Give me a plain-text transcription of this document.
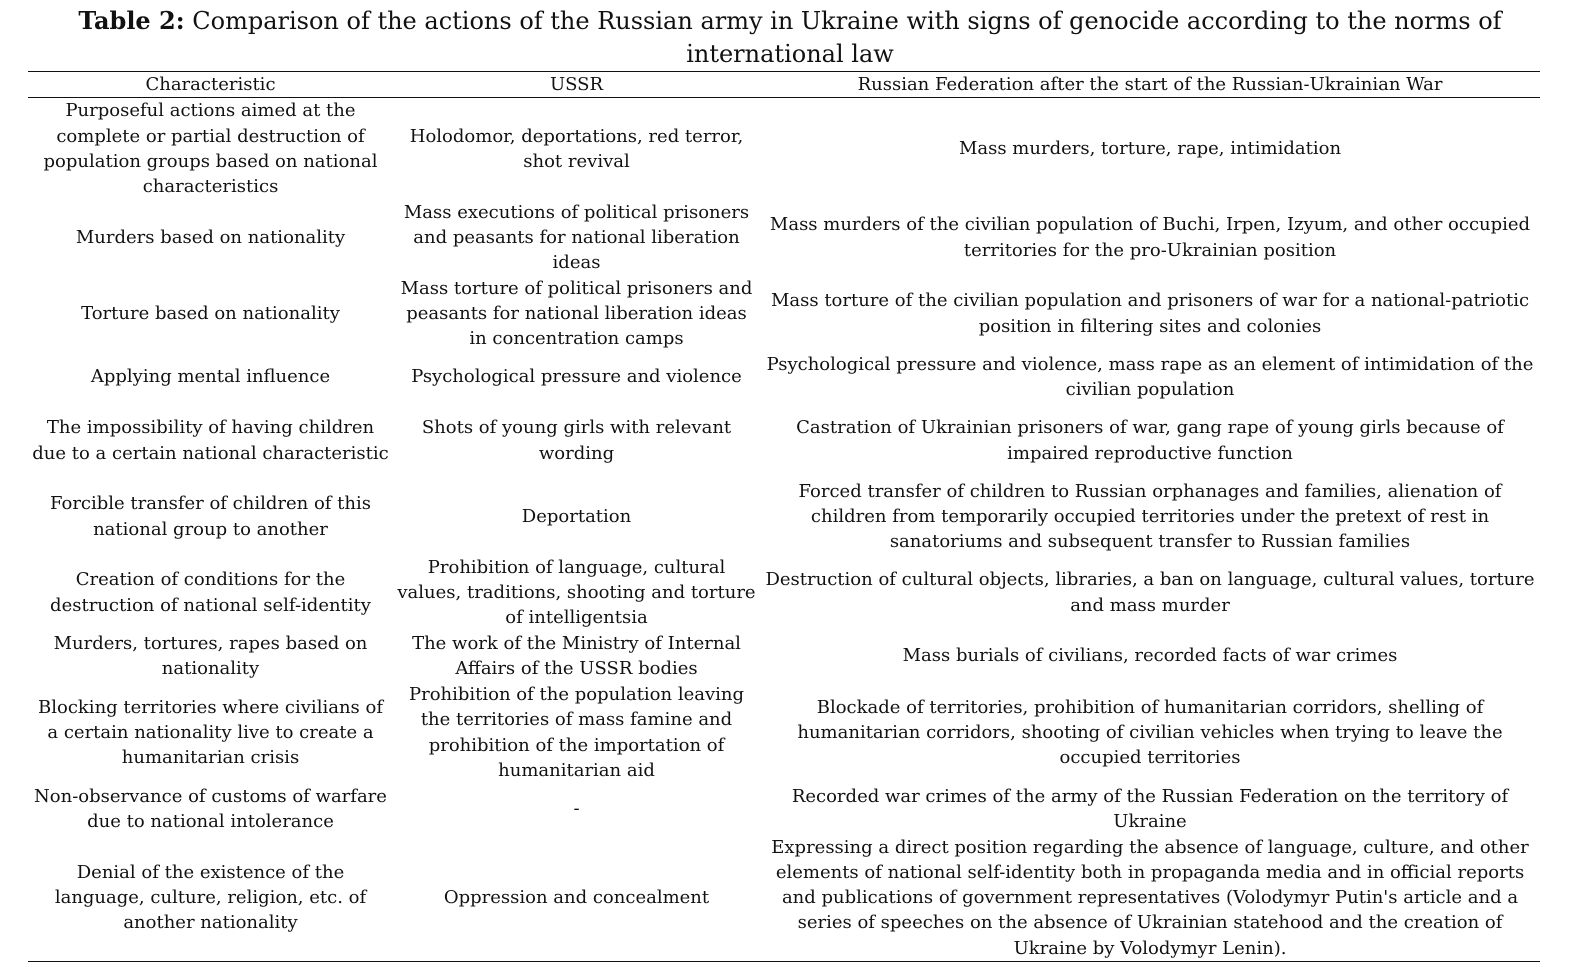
Table 2: Comparison of the actions of the Russian army in Ukraine with signs of genocide according to the norms of international law
Characteristic	USSR	Russian Federation after the start of the Russian-Ukrainian War
Purposeful actions aimed at the complete or partial destruction of population groups based on national characteristics	Holodomor, deportations, red terror, shot revival	Mass murders, torture, rape, intimidation
Murders based on nationality	Mass executions of political prisoners and peasants for national liberation ideas	Mass murders of the civilian population of Buchi, Irpen, Izyum, and other occupied territories for the pro-Ukrainian position
Torture based on nationality	Mass torture of political prisoners and peasants for national liberation ideas in concentration camps	Mass torture of the civilian population and prisoners of war for a national-patriotic position in filtering sites and colonies
Applying mental influence	Psychological pressure and violence	Psychological pressure and violence, mass rape as an element of intimidation of the civilian population
The impossibility of having children due to a certain national characteristic	Shots of young girls with relevant wording	Castration of Ukrainian prisoners of war, gang rape of young girls because of impaired reproductive function
Forcible transfer of children of this national group to another	Deportation	Forced transfer of children to Russian orphanages and families, alienation of children from temporarily occupied territories under the pretext of rest in sanatoriums and subsequent transfer to Russian families
Creation of conditions for the destruction of national self-identity	Prohibition of language, cultural values, traditions, shooting and torture of intelligentsia	Destruction of cultural objects, libraries, a ban on language, cultural values, torture and mass murder
Murders, tortures, rapes based on nationality	The work of the Ministry of Internal Affairs of the USSR bodies	Mass burials of civilians, recorded facts of war crimes
Blocking territories where civilians of a certain nationality live to create a humanitarian crisis	Prohibition of the population leaving the territories of mass famine and prohibition of the importation of humanitarian aid	Blockade of territories, prohibition of humanitarian corridors, shelling of humanitarian corridors, shooting of civilian vehicles when trying to leave the occupied territories
Non-observance of customs of warfare due to national intolerance	-	Recorded war crimes of the army of the Russian Federation on the territory of Ukraine
Denial of the existence of the language, culture, religion, etc. of another nationality	Oppression and concealment	Expressing a direct position regarding the absence of language, culture, and other elements of national self-identity both in propaganda media and in official reports and publications of government representatives (Volodymyr Putin's article and a series of speeches on the absence of Ukrainian statehood and the creation of Ukraine by Volodymyr Lenin).
